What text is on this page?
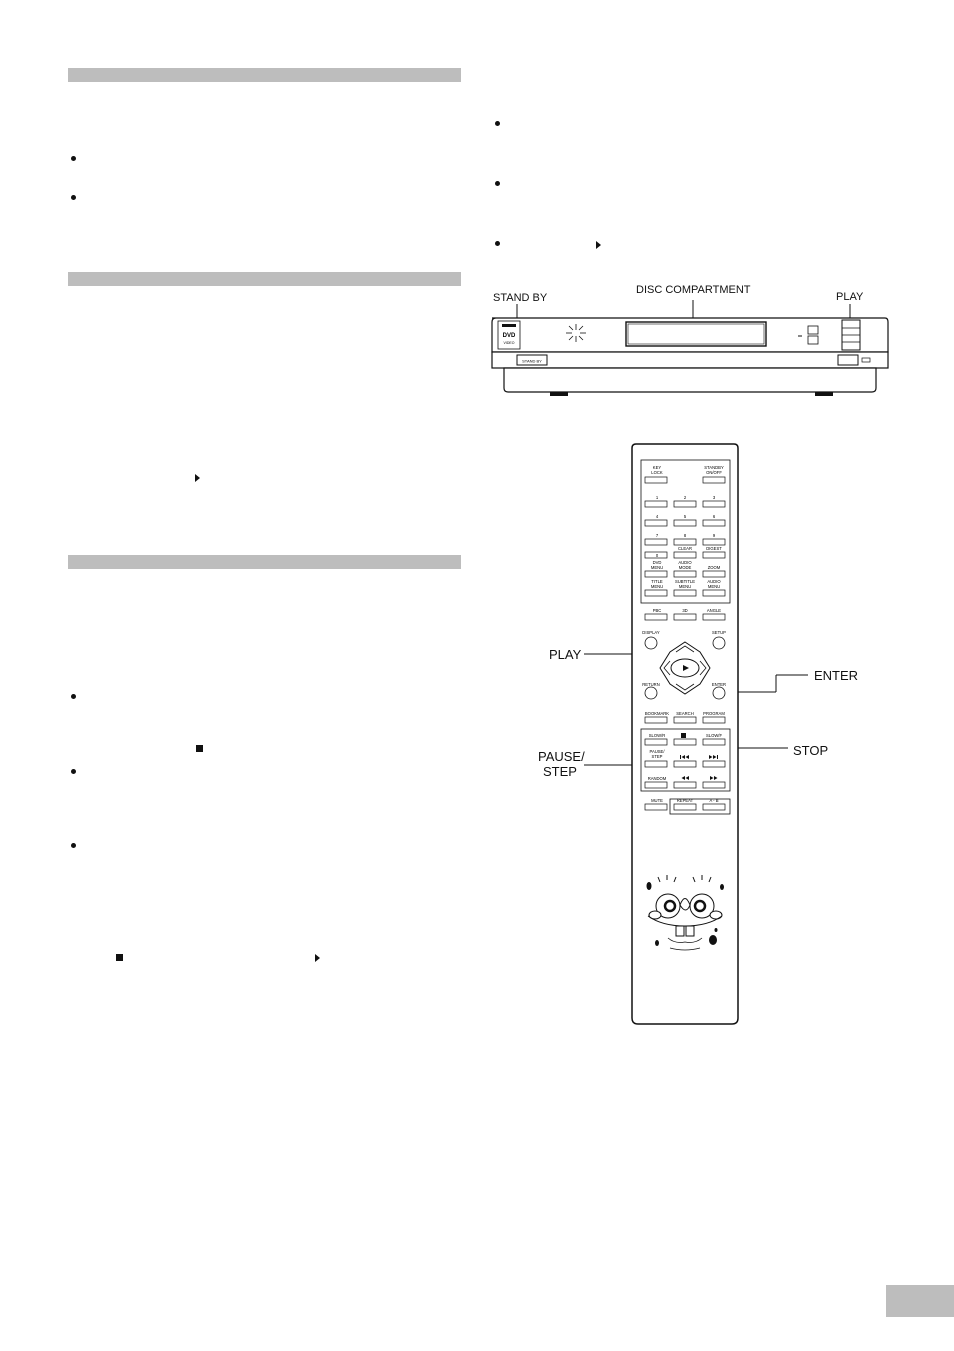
STAND BY
DISC COMPARTMENT
PLAY
DVD
VIDEO
STAND BY
PLAY
ENTER
STOP
PAUSE/
STEP
KEY
LOCK
STANDBY
ON/OFF
1	2	3
4	5	6
7	8	9
CLEAR	DIGEST
0
DVD
MENU
AUDIO
MODE	ZOOM
TITLE
MENU
SUBTITLE
MENU
AUDIO
MENU
PBC	3D	ANGLE
DISPLAY	SETUP
RETURN	ENTER
BOOKMARK SEARCH PROGRAM
SLOW/R	SLOW/F
PAUSE/
STEP
RANDOM
MUTE	REPEAT	A - B
